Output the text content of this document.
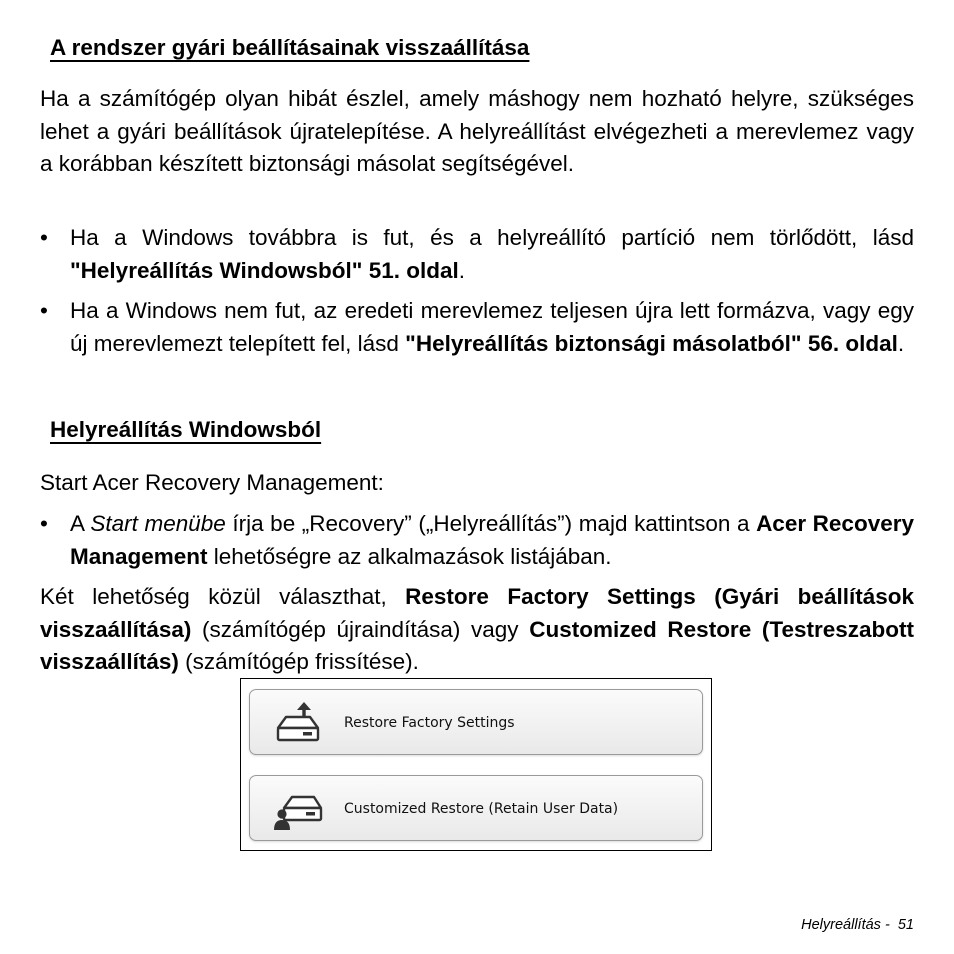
A rendszer gyári beállításainak visszaállítása

Ha a számítógép olyan hibát észlel, amely máshogy nem hozható helyre, szükséges lehet a gyári beállítások újratelepítése. A helyreállítást elvégezheti a merevlemez vagy a korábban készített biztonsági másolat segítségével.

• Ha a Windows továbbra is fut, és a helyreállító partíció nem törlődött, lásd "Helyreállítás Windowsból" 51. oldal.
• Ha a Windows nem fut, az eredeti merevlemez teljesen újra lett formázva, vagy egy új merevlemezt telepített fel, lásd "Helyreállítás biztonsági másolatból" 56. oldal.
Helyreállítás Windowsból

Start Acer Recovery Management:

• A Start menübe írja be „Recovery” („Helyreállítás”) majd kattintson a Acer Recovery Management lehetőségre az alkalmazások listájában.

Két lehetőség közül választhat, Restore Factory Settings (Gyári beállítások visszaállítása) (számítógép újraindítása) vagy Customized Restore (Testreszabott visszaállítás) (számítógép frissítése).

Restore Factory Settings
Customized Restore (Retain User Data)
Helyreállítás - 51
